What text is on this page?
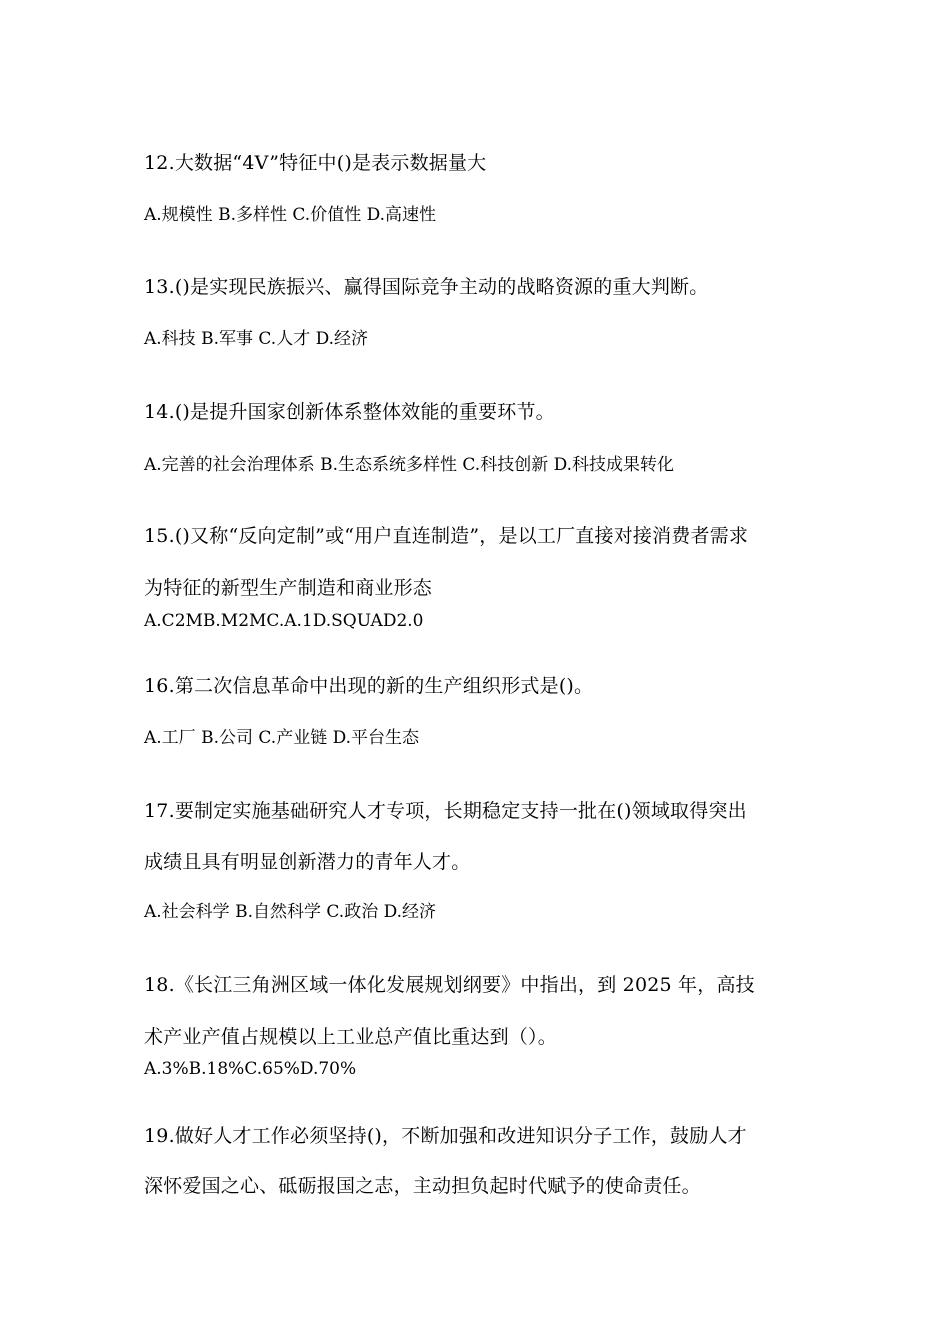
12.大数据“4V”特征中()是表示数据量大
A.规模性 B.多样性 C.价值性 D.高速性
13.()是实现民族振兴、赢得国际竞争主动的战略资源的重大判断。
A.科技 B.军事 C.人才 D.经济
14.()是提升国家创新体系整体效能的重要环节。
A.完善的社会治理体系 B.生态系统多样性 C.科技创新 D.科技成果转化
15.()又称“反向定制”或“用户直连制造”，是以工厂直接对接消费者需求
为特征的新型生产制造和商业形态
A.C2MB.M2MC.A.1D.SQUAD2.0
16.第二次信息革命中出现的新的生产组织形式是()。
A.工厂 B.公司 C.产业链 D.平台生态
17.要制定实施基础研究人才专项，长期稳定支持一批在()领域取得突出
成绩且具有明显创新潜力的青年人才。
A.社会科学 B.自然科学 C.政治 D.经济
18.《长江三角洲区域一体化发展规划纲要》中指出，到 2025 年，高技
术产业产值占规模以上工业总产值比重达到（）。
A.3%B.18%C.65%D.70%
19.做好人才工作必须坚持()，不断加强和改进知识分子工作，鼓励人才
深怀爱国之心、砥砺报国之志，主动担负起时代赋予的使命责任。
